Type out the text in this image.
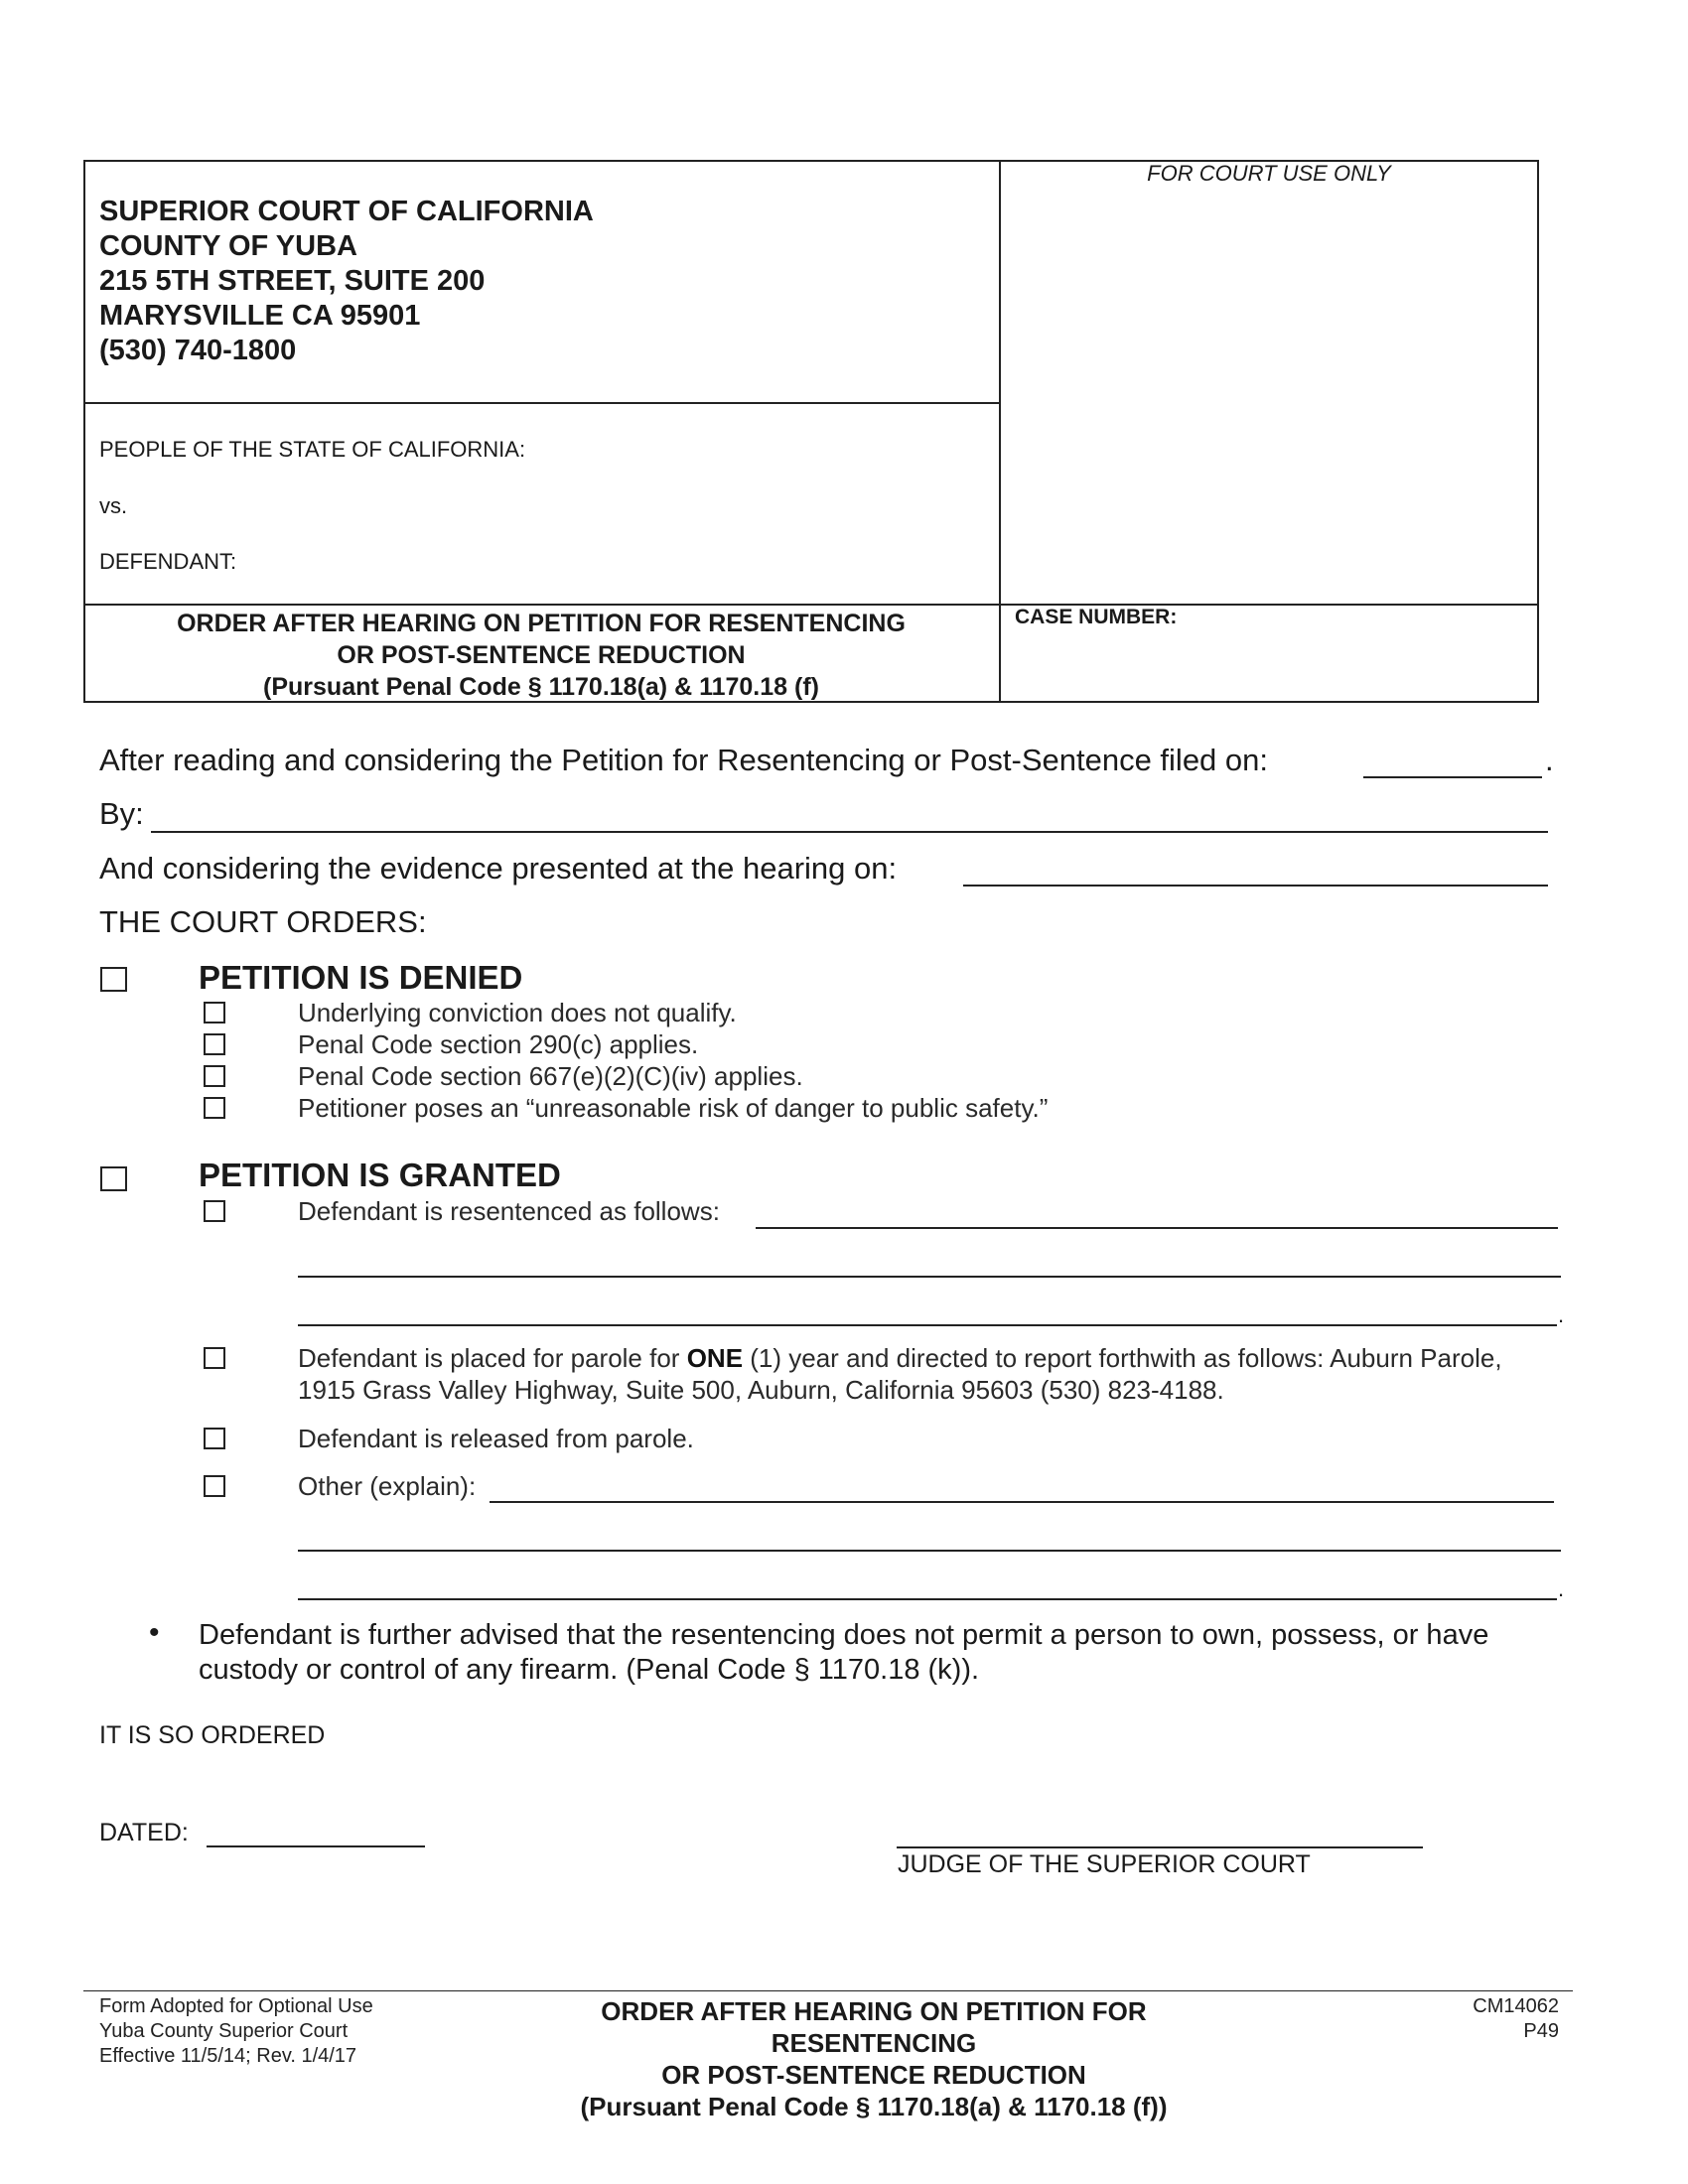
SUPERIOR COURT OF CALIFORNIA
COUNTY OF YUBA
215 5TH STREET, SUITE 200
MARYSVILLE CA 95901
(530) 740-1800
FOR COURT USE ONLY
PEOPLE OF THE STATE OF CALIFORNIA:
vs.
DEFENDANT:
ORDER AFTER HEARING ON PETITION FOR RESENTENCING
OR POST-SENTENCE REDUCTION
(Pursuant Penal Code § 1170.18(a) & 1170.18 (f)
CASE NUMBER:
After reading and considering the Petition for Resentencing or Post-Sentence filed on:	.
By:
And considering the evidence presented at the hearing on:
THE COURT ORDERS:
PETITION IS DENIED
Underlying conviction does not qualify.
Penal Code section 290(c) applies.
Penal Code section 667(e)(2)(C)(iv) applies.
Petitioner poses an “unreasonable risk of danger to public safety.”
PETITION IS GRANTED
Defendant is resentenced as follows:
.
Defendant is placed for parole for ONE (1) year and directed to report forthwith as follows: Auburn Parole,
1915 Grass Valley Highway, Suite 500, Auburn, California 95603 (530) 823-4188.
Defendant is released from parole.
Other (explain):
.
• Defendant is further advised that the resentencing does not permit a person to own, possess, or have
custody or control of any firearm. (Penal Code § 1170.18 (k)).
IT IS SO ORDERED
DATED:
JUDGE OF THE SUPERIOR COURT
Form Adopted for Optional Use
Yuba County Superior Court
Effective 11/5/14; Rev. 1/4/17
ORDER AFTER HEARING ON PETITION FOR
RESENTENCING
OR POST-SENTENCE REDUCTION
(Pursuant Penal Code § 1170.18(a) & 1170.18 (f))
CM14062
P49
